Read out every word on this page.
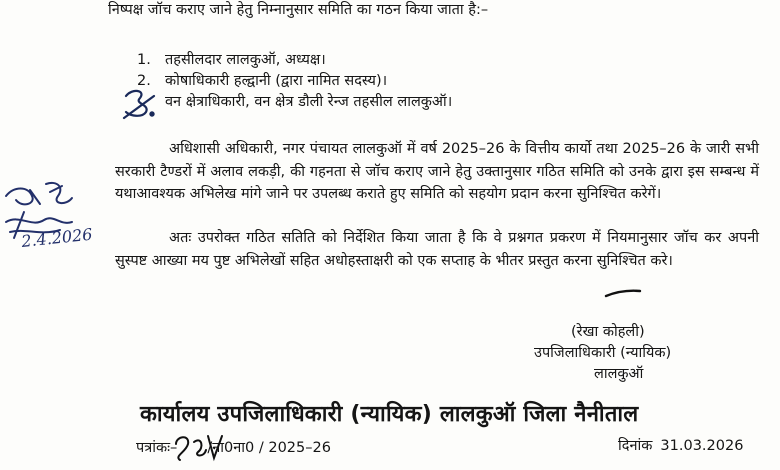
निष्पक्ष जॉच कराए जाने हेतु निम्नानुसार समिति का गठन किया जाता है:–
1. तहसीलदार लालकुऑ, अध्यक्ष।
2. कोषाधिकारी हल्द्वानी (द्वारा नामित सदस्य)।
वन क्षेत्राधिकारी, वन क्षेत्र डौली रेन्ज तहसील लालकुऑ।
अधिशासी अधिकारी, नगर पंचायत लालकुऑ में वर्ष 2025–26 के वित्तीय कार्यो तथा 2025–26 के जारी सभी सरकारी टैण्डरों में अलाव लकड़ी, की गहनता से जॉच कराए जाने हेतु उक्तानुसार गठित समिति को उनके द्वारा इस सम्बन्ध में यथाआवश्यक अभिलेख मांगे जाने पर उपलब्ध कराते हुए समिति को सहयोग प्रदान करना सुनिश्चित करेगें।
अतः उपरोक्त गठित सतिति को निर्देशित किया जाता है कि वे प्रश्नगत प्रकरण में नियमानुसार जॉच कर अपनी सुस्पष्ट आख्या मय पुष्ट अभिलेखों सहित अधोहस्ताक्षरी को एक सप्ताह के भीतर प्रस्तुत करना सुनिश्चित करे।
(रेखा कोहली)
उपजिलाधिकारी (न्यायिक)
लालकुऑ
कार्यालय उपजिलाधिकारी (न्यायिक) लालकुऑ जिला नैनीताल
पत्रांकः– /ना0ना0 / 2025–26	दिनांक 31.03.2026
2.4.2026
